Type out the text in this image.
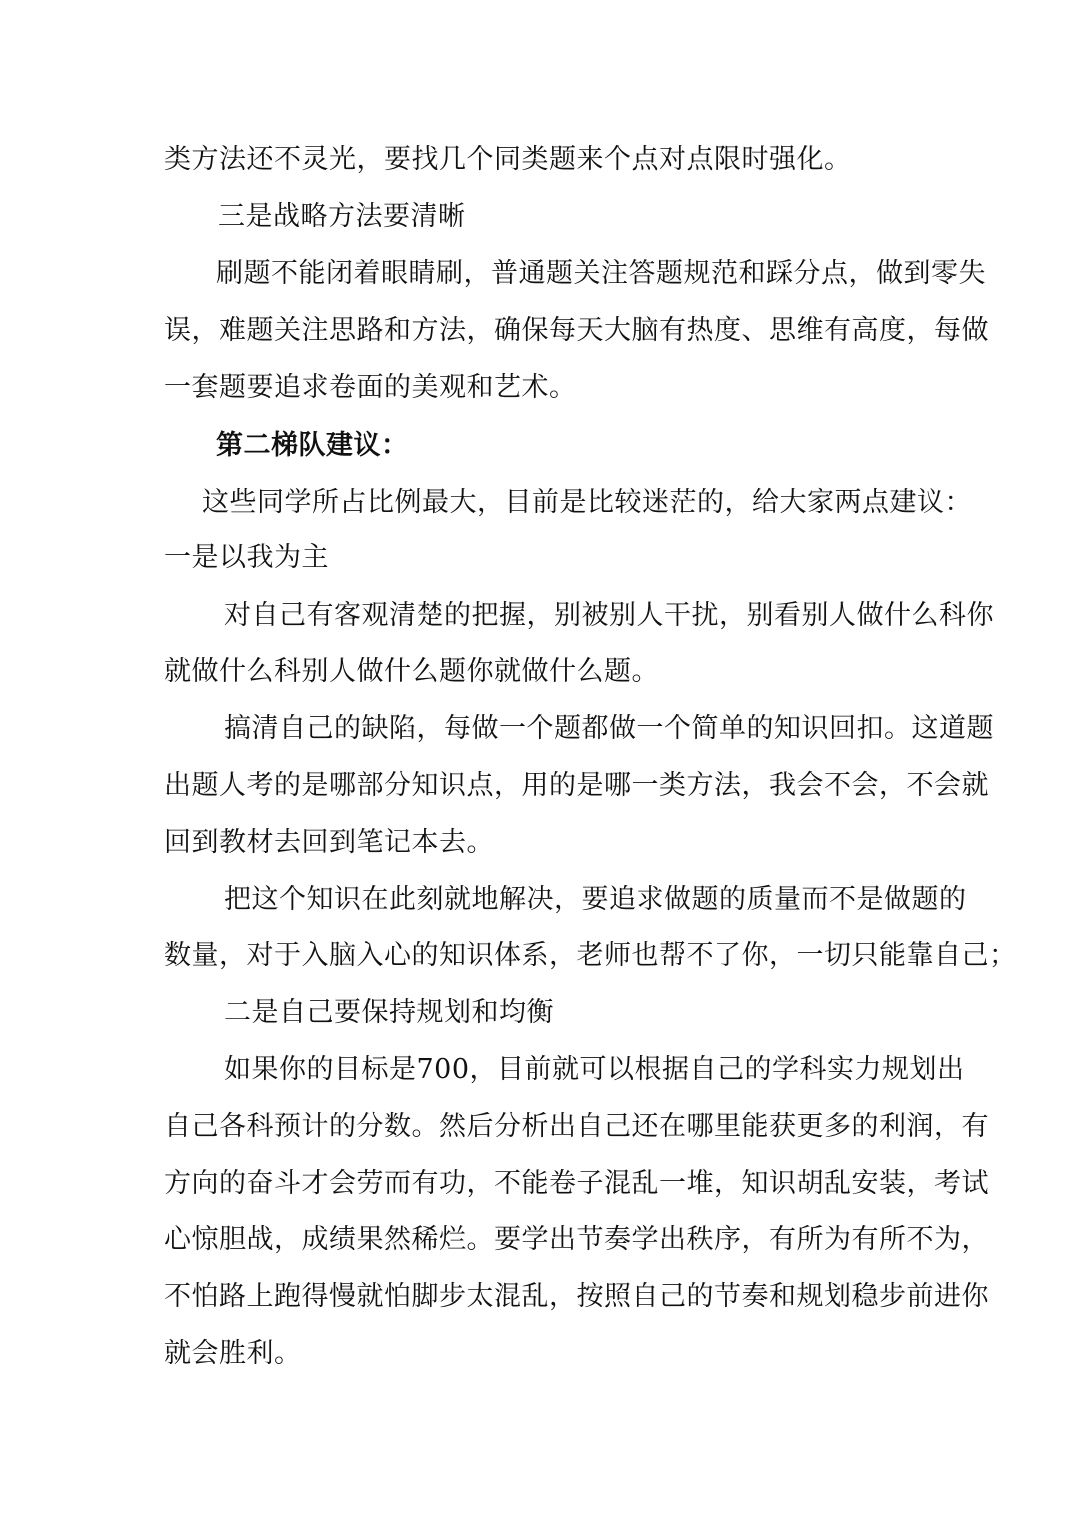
类方法还不灵光，要找几个同类题来个点对点限时强化。
三是战略方法要清晰
刷题不能闭着眼睛刷，普通题关注答题规范和踩分点，做到零失
误，难题关注思路和方法，确保每天大脑有热度、思维有高度，每做
一套题要追求卷面的美观和艺术。
第二梯队建议：
这些同学所占比例最大，目前是比较迷茫的，给大家两点建议：
一是以我为主
对自己有客观清楚的把握，别被别人干扰，别看别人做什么科你
就做什么科别人做什么题你就做什么题。
搞清自己的缺陷，每做一个题都做一个简单的知识回扣。这道题
出题人考的是哪部分知识点，用的是哪一类方法，我会不会，不会就
回到教材去回到笔记本去。
把这个知识在此刻就地解决，要追求做题的质量而不是做题的
数量，对于入脑入心的知识体系，老师也帮不了你，一切只能靠自己；
二是自己要保持规划和均衡
如果你的目标是700，目前就可以根据自己的学科实力规划出
自己各科预计的分数。然后分析出自己还在哪里能获更多的利润，有
方向的奋斗才会劳而有功，不能卷子混乱一堆，知识胡乱安装，考试
心惊胆战，成绩果然稀烂。要学出节奏学出秩序，有所为有所不为，
不怕路上跑得慢就怕脚步太混乱，按照自己的节奏和规划稳步前进你
就会胜利。
